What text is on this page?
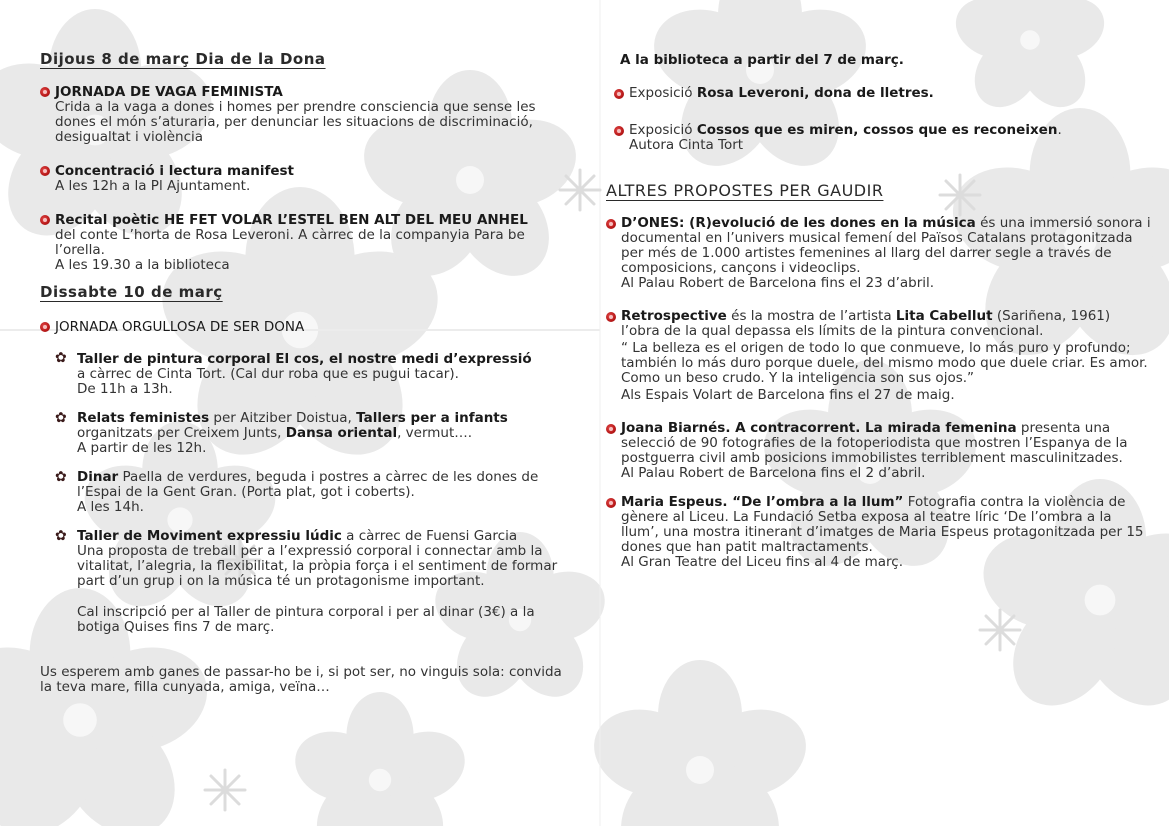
Dijous 8 de març Dia de la Dona
JORNADA DE VAGA FEMINISTA
Crida a la vaga a dones i homes per prendre consciencia que sense les dones el món s’aturaria, per denunciar les situacions de discriminació, desigualtat i violència
Concentració i lectura manifest
A les 12h a la Pl Ajuntament.
Recital poètic HE FET VOLAR L’ESTEL BEN ALT DEL MEU ANHEL
del conte L’horta de Rosa Leveroni. A càrrec de la companyia Para be l’orella.
A les 19.30 a la biblioteca
Dissabte 10 de març
JORNADA ORGULLOSA DE SER DONA
✿ Taller de pintura corporal El cos, el nostre medi d’expressió
a càrrec de Cinta Tort. (Cal dur roba que es pugui tacar).
De 11h a 13h.
✿ Relats feministes per Aitziber Doistua, Tallers per a infants
organitzats per Creixem Junts, Dansa oriental, vermut….
A partir de les 12h.
✿ Dinar Paella de verdures, beguda i postres a càrrec de les dones de l’Espai de la Gent Gran. (Porta plat, got i coberts).
A les 14h.
✿ Taller de Moviment expressiu lúdic a càrrec de Fuensi Garcia
Una proposta de treball per a l’expressió corporal i connectar amb la vitalitat, l’alegria, la flexibilitat, la pròpia força i el sentiment de formar part d’un grup i on la música té un protagonisme important.
Cal inscripció per al Taller de pintura corporal i per al dinar (3€) a la botiga Quises fins 7 de març.
Us esperem amb ganes de passar-ho be i, si pot ser, no vinguis sola: convida la teva mare, filla cunyada, amiga, veïna…
A la biblioteca a partir del 7 de març.
Exposició Rosa Leveroni, dona de lletres.
Exposició Cossos que es miren, cossos que es reconeixen.
Autora Cinta Tort
ALTRES PROPOSTES PER GAUDIR
D’ONES: (R)evolució de les dones en la música és una immersió sonora i documental en l’univers musical femení del Països Catalans protagonitzada per més de 1.000 artistes femenines al llarg del darrer segle a través de composicions, cançons i videoclips.
Al Palau Robert de Barcelona fins el 23 d’abril.
Retrospective és la mostra de l’artista Lita Cabellut (Sariñena, 1961) l’obra de la qual depassa els límits de la pintura convencional.
“ La belleza es el origen de todo lo que conmueve, lo más puro y profundo; también lo más duro porque duele, del mismo modo que duele criar. Es amor. Como un beso crudo. Y la inteligencia son sus ojos.”
Als Espais Volart de Barcelona fins el 27 de maig.
Joana Biarnés. A contracorrent. La mirada femenina presenta una selecció de 90 fotografies de la fotoperiodista que mostren l’Espanya de la postguerra civil amb posicions immobilistes terriblement masculinitzades.
Al Palau Robert de Barcelona fins el 2 d’abril.
Maria Espeus. “De l’ombra a la llum” Fotografia contra la violència de gènere al Liceu. La Fundació Setba exposa al teatre líric ‘De l’ombra a la llum’, una mostra itinerant d’imatges de Maria Espeus protagonitzada per 15 dones que han patit maltractaments.
Al Gran Teatre del Liceu fins al 4 de març.
